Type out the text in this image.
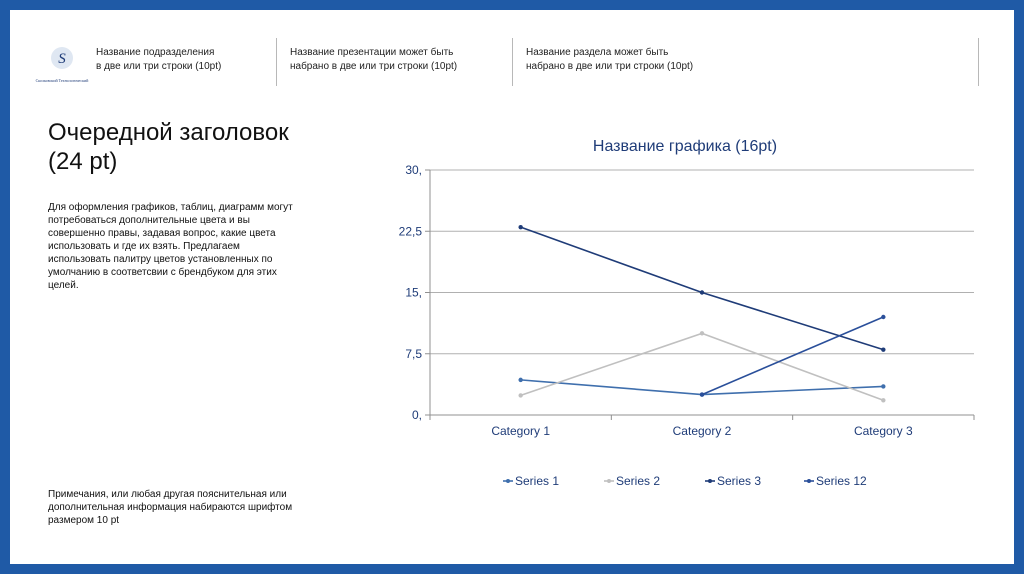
S
Сколковский Технологический
Название подразделения
в две или три строки (10pt)
Название презентации может быть
набрано в две или три строки (10pt)
Название раздела может быть
набрано в две или три строки (10pt)
Очередной заголовок (24 pt)
Для оформления графиков, таблиц, диаграмм могут потребоваться дополнительные цвета и вы совершенно правы, задавая вопрос, какие цвета использовать и где их взять. Предлагаем использовать палитру цветов установленных по умолчанию в соответсвии с брендбуком для этих целей.
Примечания, или любая другая пояснительная или дополнительная информация набираются шрифтом размером 10 pt
Название графика (16pt)
0,
7,5
15,
22,5
30,
Category 1	Category 2	Category 3
Series 1	Series 2	Series 3	Series 12
